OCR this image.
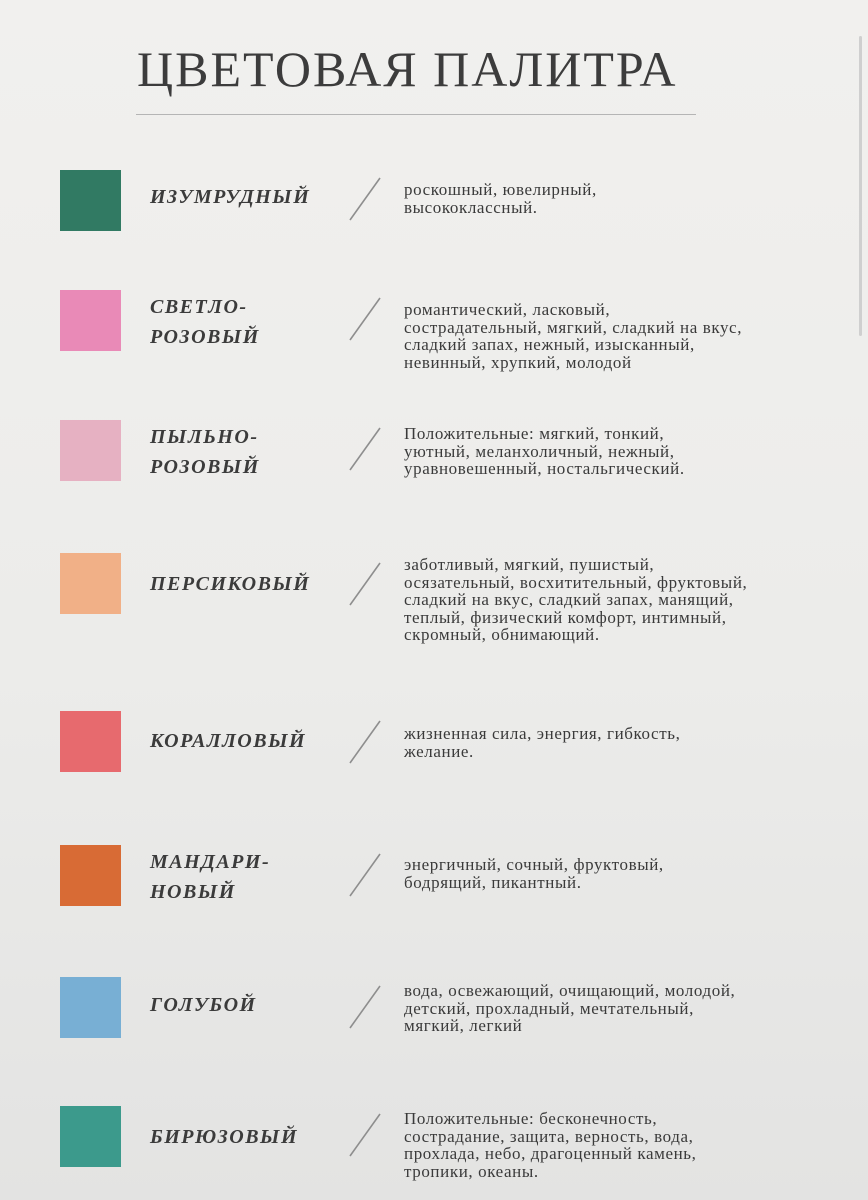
ЦВЕТОВАЯ ПАЛИТРА
ИЗУМРУДНЫЙ	роскошный, ювелирный,
высококлассный.
СВЕТЛО-
РОЗОВЫЙ
романтический, ласковый,
сострадательный, мягкий, сладкий на вкус,
сладкий запах, нежный, изысканный,
невинный, хрупкий, молодой
ПЫЛЬНО-
РОЗОВЫЙ
Положительные: мягкий, тонкий,
уютный, меланхоличный, нежный,
уравновешенный, ностальгический.
ПЕРСИКОВЫЙ
заботливый, мягкий, пушистый,
осязательный, восхитительный, фруктовый,
сладкий на вкус, сладкий запах, манящий,
теплый, физический комфорт, интимный,
скромный, обнимающий.
КОРАЛЛОВЫЙ	жизненная сила, энергия, гибкость,
желание.
МАНДАРИ-
НОВЫЙ
энергичный, сочный, фруктовый,
бодрящий, пикантный.
ГОЛУБОЙ
вода, освежающий, очищающий, молодой,
детский, прохладный, мечтательный,
мягкий, легкий
БИРЮЗОВЫЙ
Положительные: бесконечность,
сострадание, защита, верность, вода,
прохлада, небо, драгоценный камень,
тропики, океаны.
